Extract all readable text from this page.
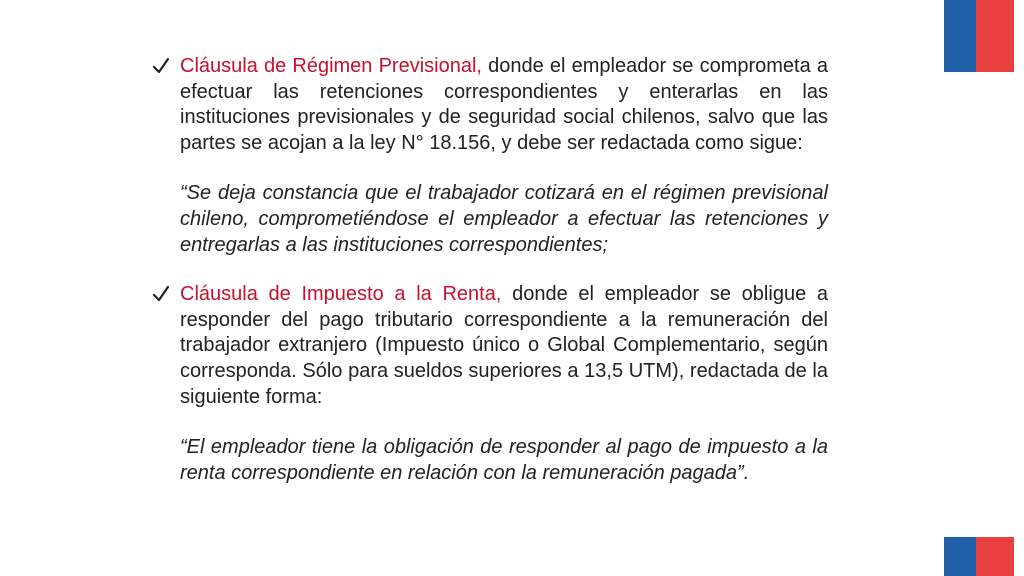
Cláusula de Régimen Previsional, donde el empleador se comprometa a efectuar las retenciones correspondientes y enterarlas en las instituciones previsionales y de seguridad social chilenos, salvo que las partes se acojan a la ley N° 18.156, y debe ser redactada como sigue:

“Se deja constancia que el trabajador cotizará en el régimen previsional chileno, comprometiéndose el empleador a efectuar las retenciones y entregarlas a las instituciones correspondientes;

Cláusula de Impuesto a la Renta, donde el empleador se obligue a responder del pago tributario correspondiente a la remuneración del trabajador extranjero (Impuesto único o Global Complementario, según corresponda. Sólo para sueldos superiores a 13,5 UTM), redactada de la siguiente forma:

“El empleador tiene la obligación de responder al pago de impuesto a la renta correspondiente en relación con la remuneración pagada”.
